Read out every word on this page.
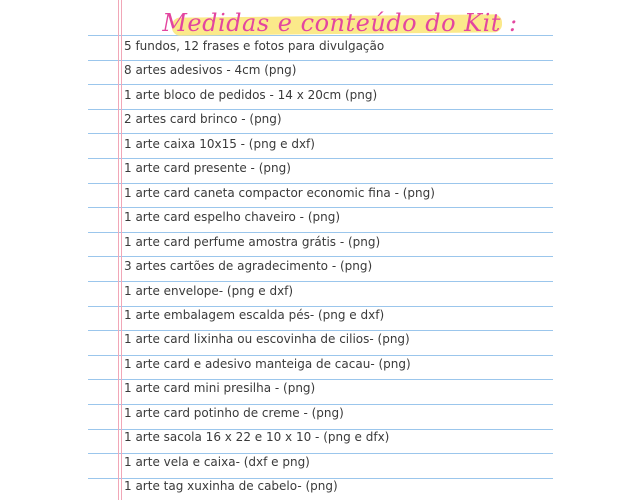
Medidas e conteúdo do Kit :
5 fundos, 12 frases e fotos para divulgação
8 artes adesivos - 4cm (png)
1 arte bloco de pedidos - 14 x 20cm (png)
2 artes card brinco - (png)
1 arte caixa 10x15 - (png e dxf)
1 arte card presente - (png)
1 arte card caneta compactor economic fina - (png)
1 arte card espelho chaveiro - (png)
1 arte card perfume amostra grátis - (png)
3 artes cartões de agradecimento - (png)
1 arte envelope- (png e dxf)
1 arte embalagem escalda pés- (png e dxf)
1 arte card lixinha ou escovinha de cilios- (png)
1 arte card e adesivo manteiga de cacau- (png)
1 arte card mini presilha - (png)
1 arte card potinho de creme - (png)
1 arte sacola 16 x 22 e 10 x 10 - (png e dfx)
1 arte vela e caixa- (dxf e png)
1 arte tag xuxinha de cabelo- (png)
